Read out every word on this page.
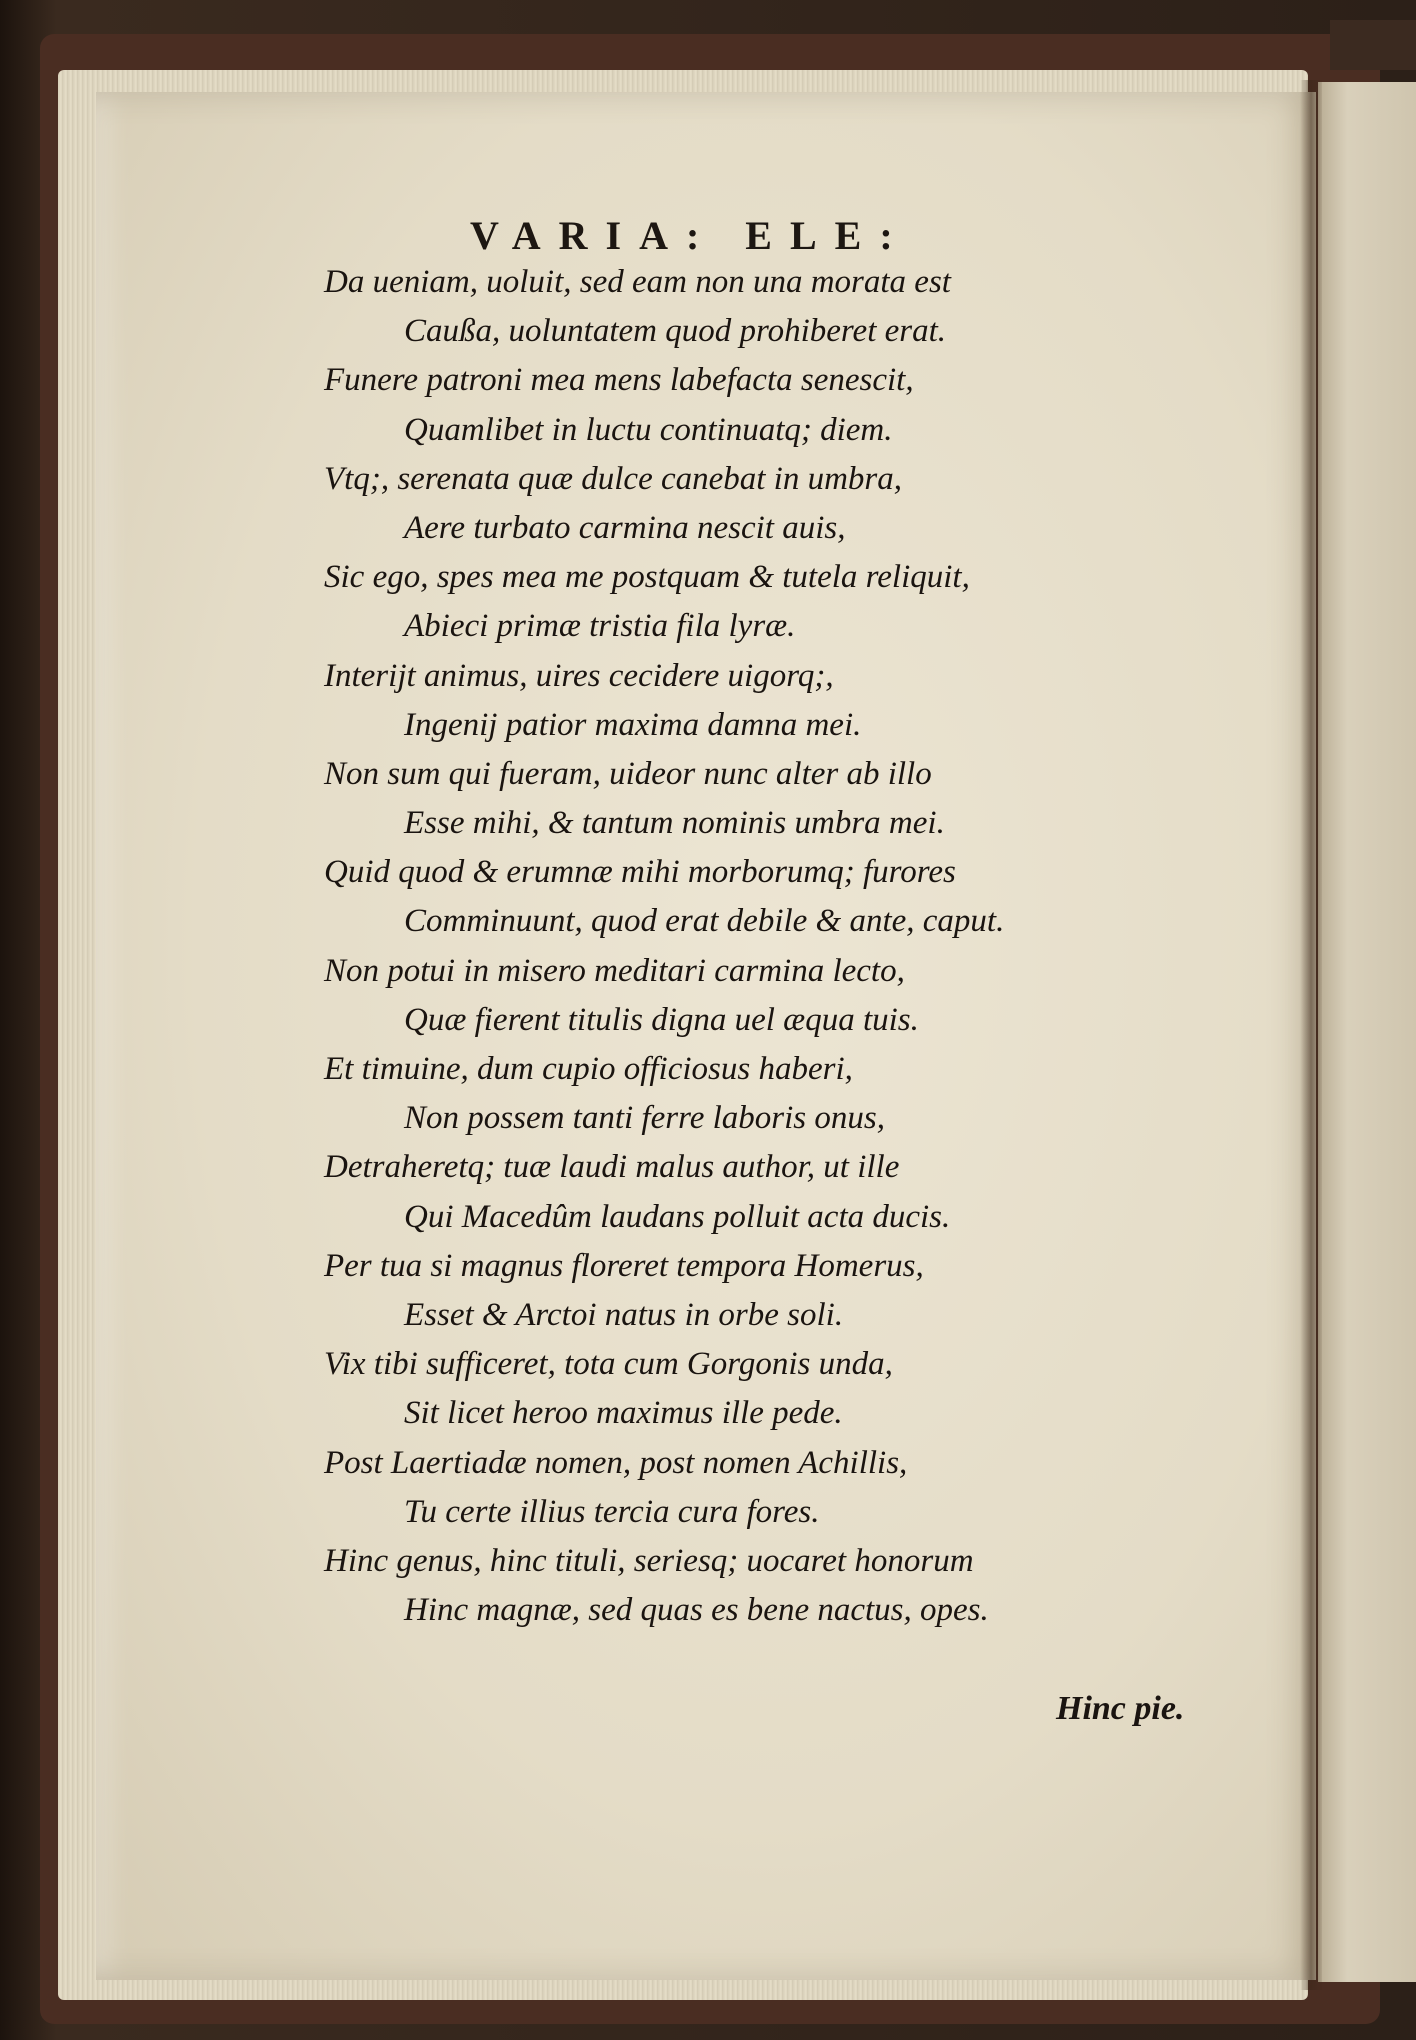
VARIA: ELE:
Da ueniam, uoluit, sed eam non una morata est
Caußa, uoluntatem quod prohiberet erat.
Funere patroni mea mens labefacta senescit,
Quamlibet in luctu continuatq; diem.
Vtq;, serenata quæ dulce canebat in umbra,
Aere turbato carmina nescit auis,
Sic ego, spes mea me postquam & tutela reliquit,
Abieci primæ tristia fila lyræ.
Interijt animus, uires cecidere uigorq;,
Ingenij patior maxima damna mei.
Non sum qui fueram, uideor nunc alter ab illo
Esse mihi, & tantum nominis umbra mei.
Quid quod & erumnæ mihi morborumq; furores
Comminuunt, quod erat debile & ante, caput.
Non potui in misero meditari carmina lecto,
Quæ fierent titulis digna uel æqua tuis.
Et timuine, dum cupio officiosus haberi,
Non possem tanti ferre laboris onus,
Detraheretq; tuæ laudi malus author, ut ille
Qui Macedûm laudans polluit acta ducis.
Per tua si magnus floreret tempora Homerus,
Esset & Arctoi natus in orbe soli.
Vix tibi sufficeret, tota cum Gorgonis unda,
Sit licet heroo maximus ille pede.
Post Laertiadæ nomen, post nomen Achillis,
Tu certe illius tercia cura fores.
Hinc genus, hinc tituli, seriesq; uocaret honorum
Hinc magnæ, sed quas es bene nactus, opes.
Hinc pie.
